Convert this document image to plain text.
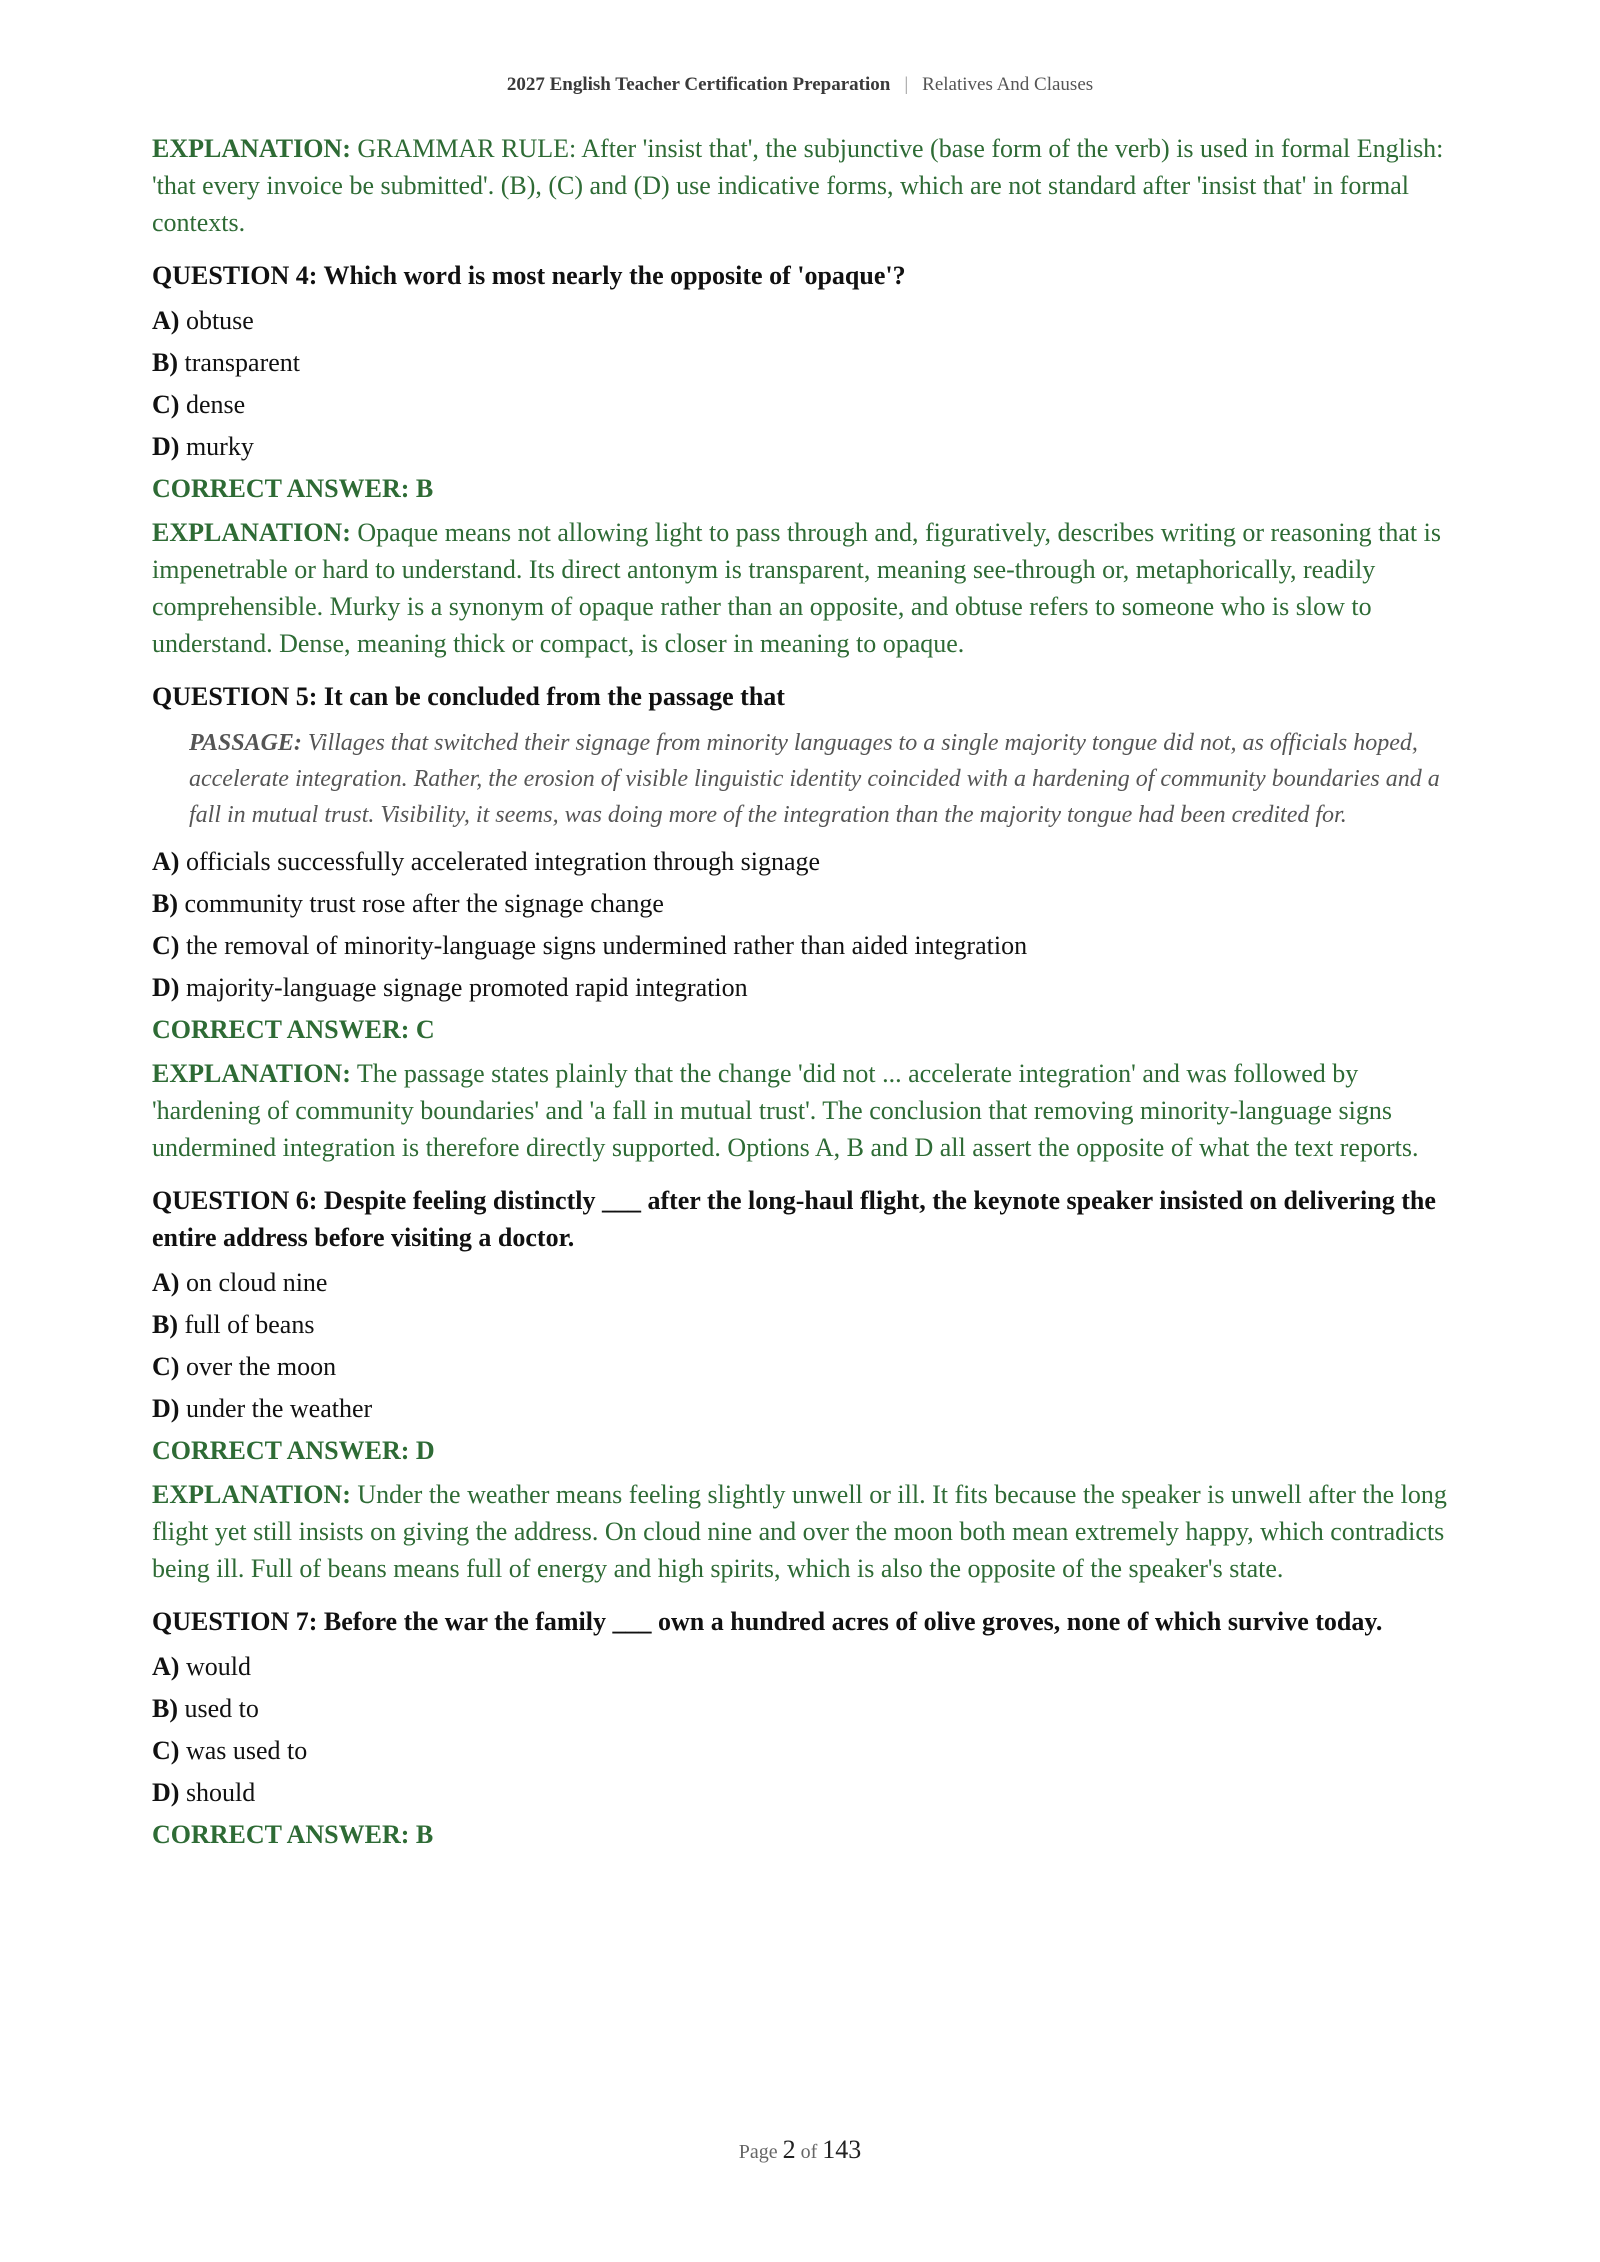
2027 English Teacher Certification Preparation | Relatives And Clauses

EXPLANATION: GRAMMAR RULE: After 'insist that', the subjunctive (base form of the verb) is used in formal English: 'that every invoice be submitted'. (B), (C) and (D) use indicative forms, which are not standard after 'insist that' in formal contexts.

QUESTION 4: Which word is most nearly the opposite of 'opaque'?

A) obtuse

B) transparent

C) dense

D) murky

CORRECT ANSWER: B

EXPLANATION: Opaque means not allowing light to pass through and, figuratively, describes writing or reasoning that is impenetrable or hard to understand. Its direct antonym is transparent, meaning see-through or, metaphorically, readily comprehensible. Murky is a synonym of opaque rather than an opposite, and obtuse refers to someone who is slow to understand. Dense, meaning thick or compact, is closer in meaning to opaque.

QUESTION 5: It can be concluded from the passage that

PASSAGE: Villages that switched their signage from minority languages to a single majority tongue did not, as officials hoped, accelerate integration. Rather, the erosion of visible linguistic identity coincided with a hardening of community boundaries and a fall in mutual trust. Visibility, it seems, was doing more of the integration than the majority tongue had been credited for.

A) officials successfully accelerated integration through signage

B) community trust rose after the signage change

C) the removal of minority-language signs undermined rather than aided integration

D) majority-language signage promoted rapid integration

CORRECT ANSWER: C

EXPLANATION: The passage states plainly that the change 'did not ... accelerate integration' and was followed by 'hardening of community boundaries' and 'a fall in mutual trust'. The conclusion that removing minority-language signs undermined integration is therefore directly supported. Options A, B and D all assert the opposite of what the text reports.

QUESTION 6: Despite feeling distinctly ___ after the long-haul flight, the keynote speaker insisted on delivering the entire address before visiting a doctor.

A) on cloud nine

B) full of beans

C) over the moon

D) under the weather

CORRECT ANSWER: D

EXPLANATION: Under the weather means feeling slightly unwell or ill. It fits because the speaker is unwell after the long flight yet still insists on giving the address. On cloud nine and over the moon both mean extremely happy, which contradicts being ill. Full of beans means full of energy and high spirits, which is also the opposite of the speaker's state.

QUESTION 7: Before the war the family ___ own a hundred acres of olive groves, none of which survive today.

A) would

B) used to

C) was used to

D) should

CORRECT ANSWER: B

Page 2 of 143
